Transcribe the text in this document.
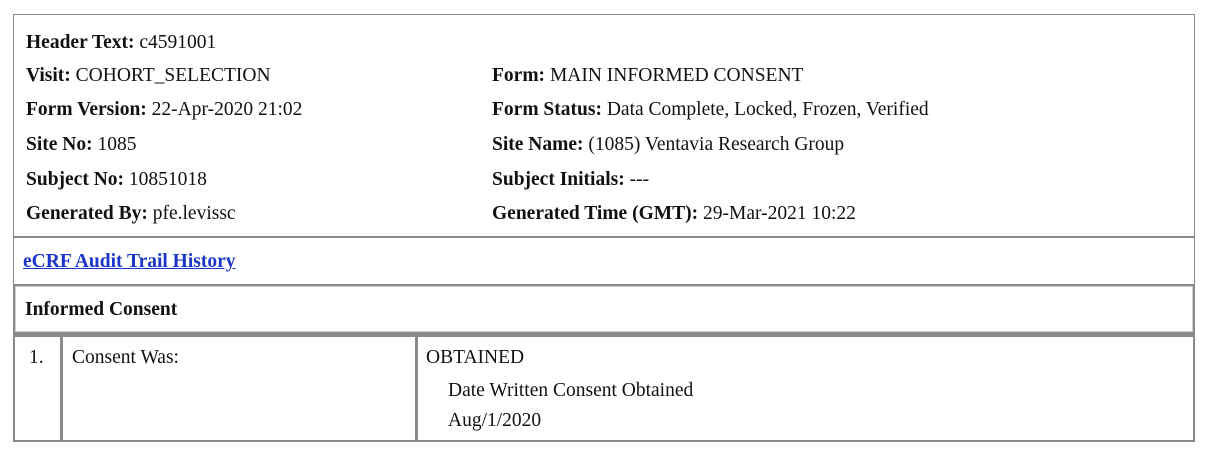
Header Text: c4591001
Visit: COHORT_SELECTION	Form: MAIN INFORMED CONSENT
Form Version: 22-Apr-2020 21:02	Form Status: Data Complete, Locked, Frozen, Verified
Site No: 1085	Site Name: (1085) Ventavia Research Group
Subject No: 10851018	Subject Initials: ---
Generated By: pfe.levissc	Generated Time (GMT): 29-Mar-2021 10:22
eCRF Audit Trail History
Informed Consent
1. Consent Was:	OBTAINED
Date Written Consent Obtained
Aug/1/2020
